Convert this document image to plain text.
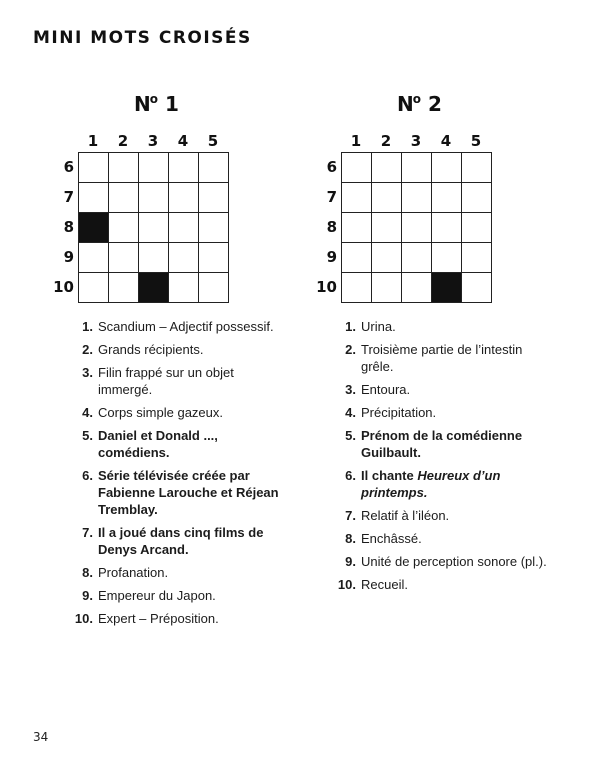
MINI MOTS CROISÉS
$N^o$ 1
1	2	3	4	5
6
7
8
9
10
1. Scandium – Adjectif possessif.
2. Grands récipients.
3. Filin frappé sur un objet immergé.
4. Corps simple gazeux.
5. Daniel et Donald ..., comédiens.
6. Série télévisée créée par Fabienne Larouche et Réjean Tremblay.
7. Il a joué dans cinq films de Denys Arcand.
8. Profanation.
9. Empereur du Japon.
10. Expert – Préposition.
$N^o$ 2
1	2	3	4	5
6
7
8
9
10
1. Urina.
2. Troisième partie de l’intestin grêle.
3. Entoura.
4. Précipitation.
5. Prénom de la comédienne Guilbault.
6. Il chante Heureux d’un printemps.
7. Relatif à l’iléon.
8. Enchâssé.
9. Unité de perception sonore (pl.).
10. Recueil.
34
